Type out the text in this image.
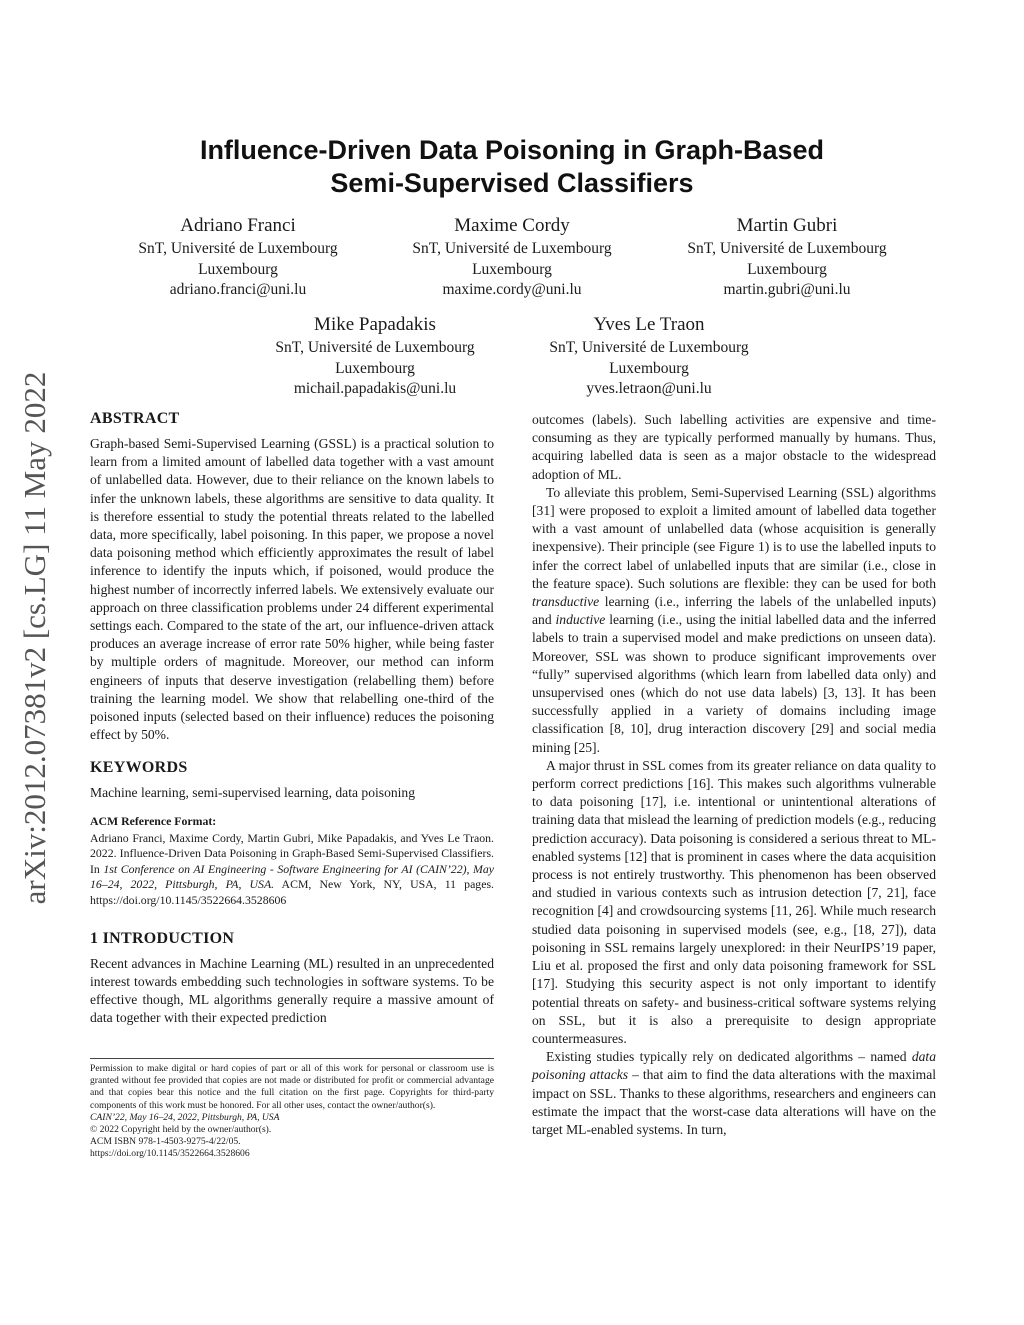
arXiv:2012.07381v2 [cs.LG] 11 May 2022
Influence-Driven Data Poisoning in Graph-Based
Semi-Supervised Classifiers
Adriano Franci
SnT, Université de Luxembourg
Luxembourg
adriano.franci@uni.lu
Maxime Cordy
SnT, Université de Luxembourg
Luxembourg
maxime.cordy@uni.lu
Martin Gubri
SnT, Université de Luxembourg
Luxembourg
martin.gubri@uni.lu
Mike Papadakis
SnT, Université de Luxembourg
Luxembourg
michail.papadakis@uni.lu
Yves Le Traon
SnT, Université de Luxembourg
Luxembourg
yves.letraon@uni.lu
ABSTRACT

Graph-based Semi-Supervised Learning (GSSL) is a practical solution to learn from a limited amount of labelled data together with a vast amount of unlabelled data. However, due to their reliance on the known labels to infer the unknown labels, these algorithms are sensitive to data quality. It is therefore essential to study the potential threats related to the labelled data, more specifically, label poisoning. In this paper, we propose a novel data poisoning method which efficiently approximates the result of label inference to identify the inputs which, if poisoned, would produce the highest number of incorrectly inferred labels. We extensively evaluate our approach on three classification problems under 24 different experimental settings each. Compared to the state of the art, our influence-driven attack produces an average increase of error rate 50% higher, while being faster by multiple orders of magnitude. Moreover, our method can inform engineers of inputs that deserve investigation (relabelling them) before training the learning model. We show that relabelling one-third of the poisoned inputs (selected based on their influence) reduces the poisoning effect by 50%.

KEYWORDS

Machine learning, semi-supervised learning, data poisoning

ACM Reference Format:

Adriano Franci, Maxime Cordy, Martin Gubri, Mike Papadakis, and Yves Le Traon. 2022. Influence-Driven Data Poisoning in Graph-Based Semi-Supervised Classifiers. In 1st Conference on AI Engineering - Software Engineering for AI (CAIN’22), May 16–24, 2022, Pittsburgh, PA, USA. ACM, New York, NY, USA, 11 pages. https://doi.org/10.1145/3522664.3528606

1 INTRODUCTION

Recent advances in Machine Learning (ML) resulted in an unprecedented interest towards embedding such technologies in software systems. To be effective though, ML algorithms generally require a massive amount of data together with their expected prediction

Permission to make digital or hard copies of part or all of this work for personal or classroom use is granted without fee provided that copies are not made or distributed for profit or commercial advantage and that copies bear this notice and the full citation on the first page. Copyrights for third-party components of this work must be honored. For all other uses, contact the owner/author(s).
CAIN’22, May 16–24, 2022, Pittsburgh, PA, USA
© 2022 Copyright held by the owner/author(s).
ACM ISBN 978-1-4503-9275-4/22/05.
https://doi.org/10.1145/3522664.3528606

outcomes (labels). Such labelling activities are expensive and time-consuming as they are typically performed manually by humans. Thus, acquiring labelled data is seen as a major obstacle to the widespread adoption of ML.

To alleviate this problem, Semi-Supervised Learning (SSL) algorithms [31] were proposed to exploit a limited amount of labelled data together with a vast amount of unlabelled data (whose acquisition is generally inexpensive). Their principle (see Figure 1) is to use the labelled inputs to infer the correct label of unlabelled inputs that are similar (i.e., close in the feature space). Such solutions are flexible: they can be used for both transductive learning (i.e., inferring the labels of the unlabelled inputs) and inductive learning (i.e., using the initial labelled data and the inferred labels to train a supervised model and make predictions on unseen data). Moreover, SSL was shown to produce significant improvements over “fully” supervised algorithms (which learn from labelled data only) and unsupervised ones (which do not use data labels) [3, 13]. It has been successfully applied in a variety of domains including image classification [8, 10], drug interaction discovery [29] and social media mining [25].

A major thrust in SSL comes from its greater reliance on data quality to perform correct predictions [16]. This makes such algorithms vulnerable to data poisoning [17], i.e. intentional or unintentional alterations of training data that mislead the learning of prediction models (e.g., reducing prediction accuracy). Data poisoning is considered a serious threat to ML-enabled systems [12] that is prominent in cases where the data acquisition process is not entirely trustworthy. This phenomenon has been observed and studied in various contexts such as intrusion detection [7, 21], face recognition [4] and crowdsourcing systems [11, 26]. While much research studied data poisoning in supervised models (see, e.g., [18, 27]), data poisoning in SSL remains largely unexplored: in their NeurIPS’19 paper, Liu et al. proposed the first and only data poisoning framework for SSL [17]. Studying this security aspect is not only important to identify potential threats on safety- and business-critical software systems relying on SSL, but it is also a prerequisite to design appropriate countermeasures.

Existing studies typically rely on dedicated algorithms – named data poisoning attacks – that aim to find the data alterations with the maximal impact on SSL. Thanks to these algorithms, researchers and engineers can estimate the impact that the worst-case data alterations will have on the target ML-enabled systems. In turn,
